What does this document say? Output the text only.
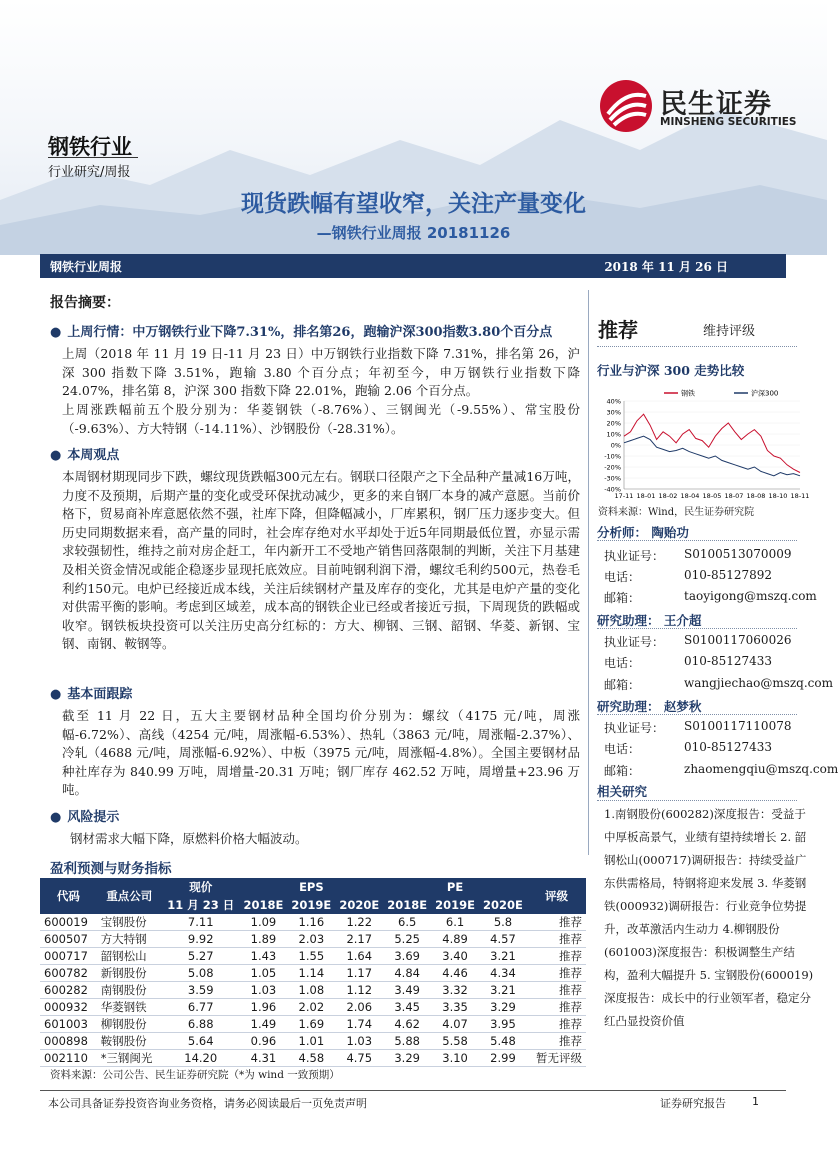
民生证券
MINSHENG SECURITIES
钢铁行业
行业研究/周报
现货跌幅有望收窄，关注产量变化
—钢铁行业周报 20181126
钢铁行业周报	2018 年 11 月 26 日
报告摘要：
● 上周行情：中万钢铁行业下降7.31%，排名第26，跑输沪深300指数3.80个百分点
上周（2018 年 11 月 19 日-11 月 23 日）中万钢铁行业指数下降 7.31%，排名第 26，沪深 300 指数下降 3.51%，跑输 3.80 个百分点；年初至今，申万钢铁行业指数下降 24.07%，排名第 8，沪深 300 指数下降 22.01%，跑输 2.06 个百分点。
上周涨跌幅前五个股分别为：华菱钢铁（-8.76%）、三钢闽光（-9.55%）、常宝股份（-9.63%）、方大特钢（-14.11%）、沙钢股份（-28.31%）。
● 本周观点
本周钢材期现同步下跌，螺纹现货跌幅300元左右。钢联口径限产之下全品种产量减16万吨，力度不及预期，后期产量的变化或受环保扰动减少，更多的来自钢厂本身的减产意愿。当前价格下，贸易商补库意愿依然不强，社库下降，但降幅减小，厂库累积，钢厂压力逐步变大。但历史同期数据来看，高产量的同时，社会库存绝对水平却处于近5年同期最低位置，亦显示需求较强韧性，维持之前对房企赶工，年内新开工不受地产销售回落限制的判断，关注下月基建及相关资金情况或能企稳逐步显现托底效应。目前吨钢利润下滑，螺纹毛利约500元，热卷毛利约150元。电炉已经接近成本线，关注后续钢材产量及库存的变化，尤其是电炉产量的变化对供需平衡的影响。考虑到区域差，成本高的钢铁企业已经或者接近亏损，下周现货的跌幅或收窄。钢铁板块投资可以关注历史高分红标的：方大、柳钢、三钢、韶钢、华菱、新钢、宝钢、南钢、鞍钢等。
● 基本面跟踪
截至 11 月 22 日，五大主要钢材品种全国均价分别为：螺纹（4175 元/吨，周涨幅-6.72%）、高线（4254 元/吨，周涨幅-6.53%）、热轧（3863 元/吨，周涨幅-2.37%）、冷轧（4688 元/吨，周涨幅-6.92%）、中板（3975 元/吨，周涨幅-4.8%）。全国主要钢材品种社库存为 840.99 万吨，周增量-20.31 万吨；钢厂库存 462.52 万吨，周增量+23.96 万吨。
● 风险提示
钢材需求大幅下降，原燃料价格大幅波动。
推荐	维持评级
行业与沪深 300 走势比较
-40%
-30%
-20%
-10%
0%
10%
20%
30%
40%
17-11 18-01 18-02 18-04 18-05 18-07 18-08 18-10 18-11
钢铁	沪深300
资料来源：Wind，民生证券研究院
分析师： 陶贻功
执业证号： S0100513070009
电话：	010-85127892
邮箱：	taoyigong@mszq.com
研究助理： 王介超
执业证号： S0100117060026
电话：	010-85127433
邮箱：	wangjiechao@mszq.com
研究助理： 赵梦秋
执业证号： S0100117110078
电话：	010-85127433
邮箱：	zhaomengqiu@mszq.com
相关研究
1.南钢股份(600282)深度报告：受益于中厚板高景气，业绩有望持续增长 2. 韶钢松山(000717)调研报告：持续受益广东供需格局，特钢将迎来发展 3. 华菱钢铁(000932)调研报告：行业竞争位势提升，改革激活内生动力 4.柳钢股份(601003)深度报告：积极调整生产结构，盈利大幅提升 5. 宝钢股份(600019)深度报告：成长中的行业领军者，稳定分红凸显投资价值
盈利预测与财务指标
代码	重点公司	现价	EPS			PE			评级
		11 月 23 日	2018E	2019E	2020E	2018E	2019E	2020E	
600019	宝钢股份	7.11	1.09	1.16	1.22	6.5	6.1	5.8	推荐
600507	方大特钢	9.92	1.89	2.03	2.17	5.25	4.89	4.57	推荐
000717	韶钢松山	5.27	1.43	1.55	1.64	3.69	3.40	3.21	推荐
600782	新钢股份	5.08	1.05	1.14	1.17	4.84	4.46	4.34	推荐
600282	南钢股份	3.59	1.03	1.08	1.12	3.49	3.32	3.21	推荐
000932	华菱钢铁	6.77	1.96	2.02	2.06	3.45	3.35	3.29	推荐
601003	柳钢股份	6.88	1.49	1.69	1.74	4.62	4.07	3.95	推荐
000898	鞍钢股份	5.64	0.96	1.01	1.03	5.88	5.58	5.48	推荐
002110	*三钢闽光	14.20	4.31	4.58	4.75	3.29	3.10	2.99	暂无评级
资料来源：公司公告、民生证券研究院（*为 wind 一致预期）
本公司具备证券投资咨询业务资格，请务必阅读最后一页免责声明	证券研究报告 1
